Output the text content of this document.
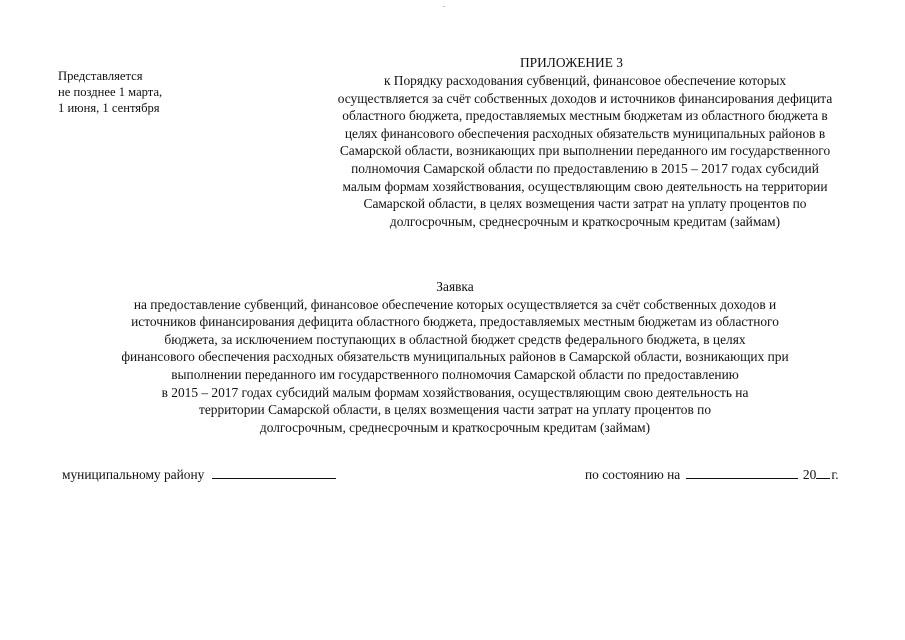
Представляется
не позднее 1 марта,
1 июня, 1 сентября
ПРИЛОЖЕНИЕ 3
к Порядку расходования субвенций, финансовое обеспечение которых
осуществляется за счёт собственных доходов и источников финансирования дефицита
областного бюджета, предоставляемых местным бюджетам из областного бюджета в
целях финансового обеспечения расходных обязательств муниципальных районов в
Самарской области, возникающих при выполнении переданного им государственного
полномочия Самарской области по предоставлению в 2015 – 2017 годах субсидий
малым формам хозяйствования, осуществляющим свою деятельность на территории
Самарской области, в целях возмещения части затрат на уплату процентов по
долгосрочным, среднесрочным и краткосрочным кредитам (займам)
Заявка
на предоставление субвенций, финансовое обеспечение которых осуществляется за счёт собственных доходов и
источников финансирования дефицита областного бюджета, предоставляемых местным бюджетам из областного
бюджета, за исключением поступающих в областной бюджет средств федерального бюджета, в целях
финансового обеспечения расходных обязательств муниципальных районов в Самарской области, возникающих при
выполнении переданного им государственного полномочия Самарской области по предоставлению
в 2015 – 2017 годах субсидий малым формам хозяйствования, осуществляющим свою деятельность на
территории Самарской области, в целях возмещения части затрат на уплату процентов по
долгосрочным, среднесрочным и краткосрочным кредитам (займам)
муниципальному району	по состоянию на	20 г.
